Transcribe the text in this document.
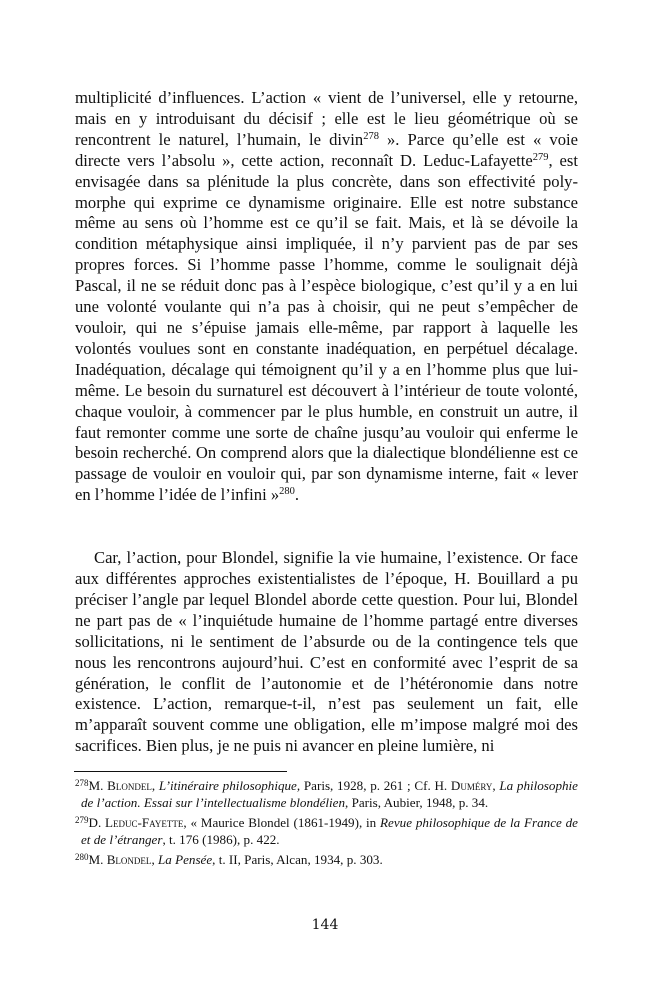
multiplicité d’influences. L’action « vient de l’universel, elle y retourne, mais en y introduisant du décisif ; elle est le lieu géométrique où se rencontrent le naturel, l’humain, le divin$^{278}$ ». Parce qu’elle est « voie directe vers l’absolu », cette action, reconnaît D. Leduc-Lafayette$^{279}$, est envisagée dans sa plénitude la plus concrète, dans son effectivité poly-morphe qui exprime ce dynamisme originaire. Elle est notre substance même au sens où l’homme est ce qu’il se fait. Mais, et là se dévoile la condition métaphysique ainsi impliquée, il n’y parvient pas de par ses propres forces. Si l’homme passe l’homme, comme le soulignait déjà Pascal, il ne se réduit donc pas à l’espèce biologique, c’est qu’il y a en lui une volonté voulante qui n’a pas à choisir, qui ne peut s’empêcher de vouloir, qui ne s’épuise jamais elle-même, par rapport à laquelle les volontés voulues sont en constante inadéquation, en perpétuel décalage. Inadéquation, décalage qui témoignent qu’il y a en l’homme plus que lui-même. Le besoin du surnaturel est découvert à l’intérieur de toute volonté, chaque vouloir, à commencer par le plus humble, en construit un autre, il faut remonter comme une sorte de chaîne jusqu’au vouloir qui enferme le besoin recherché. On comprend alors que la dialectique blondélienne est ce passage de vouloir en vouloir qui, par son dynamisme interne, fait « lever en l’homme l’idée de l’infini »$^{280}$.

Car, l’action, pour Blondel, signifie la vie humaine, l’existence. Or face aux différentes approches existentialistes de l’époque, H. Bouillard a pu préciser l’angle par lequel Blondel aborde cette question. Pour lui, Blondel ne part pas de « l’inquiétude humaine de l’homme partagé entre diverses sollicitations, ni le sentiment de l’absurde ou de la contingence tels que nous les rencontrons aujourd’hui. C’est en conformité avec l’esprit de sa génération, le conflit de l’autonomie et de l’hétéronomie dans notre existence. L’action, remarque-t-il, n’est pas seulement un fait, elle m’apparaît souvent comme une obligation, elle m’impose malgré moi des sacrifices. Bien plus, je ne puis ni avancer en pleine lumière, ni

$^{278}$M. Blondel, L’itinéraire philosophique, Paris, 1928, p. 261 ; Cf. H. Duméry, La philosophie de l’action. Essai sur l’intellectualisme blondélien, Paris, Aubier, 1948, p. 34.
$^{279}$D. Leduc-Fayette, « Maurice Blondel (1861-1949), in Revue philosophique de la France de et de l’étranger, t. 176 (1986), p. 422.
$^{280}$M. Blondel, La Pensée, t. II, Paris, Alcan, 1934, p. 303.
144
